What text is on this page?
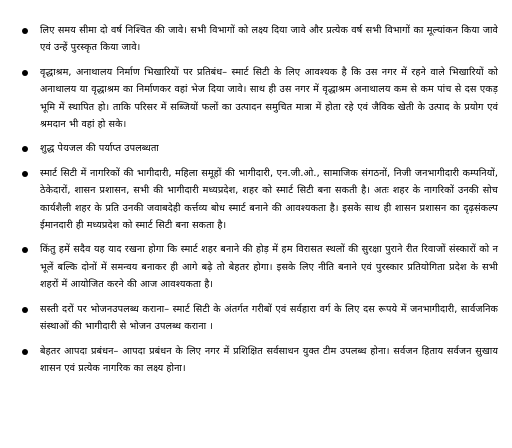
लिए समय सीमा दो वर्ष निश्चित की जावे। सभी विभागों को लक्ष्य दिया जावे और प्रत्येक वर्ष सभी विभागों का मूल्यांकन किया जावे एवं उन्हें पुरस्कृत किया जावे।
वृद्धाश्रम, अनाथालय निर्माण भिखारियों पर प्रतिबंध– स्मार्ट सिटी के लिए आवश्यक है कि उस नगर में रहने वाले भिखारियों को अनाथालय या वृद्धाश्रम का निर्माणकर वहां भेज दिया जावे। साथ ही उस नगर में वृद्धाश्रम अनाथालय कम से कम पांच से दस एकड़ भूमि में स्थापित हो। ताकि परिसर में सब्जियों फलों का उत्पादन समुचित मात्रा में होता रहे एवं जैविक खेती के उत्पाद के प्रयोग एवं श्रमदान भी वहां हो सके।
शुद्ध पेयजल की पर्याप्त उपलब्धता
स्मार्ट सिटी में नागरिकों की भागीदारी, महिला समूहों की भागीदारी, एन.जी.ओ., सामाजिक संगठनों, निजी जनभागीदारी कम्पनियों, ठेकेदारों, शासन प्रशासन, सभी की भागीदारी मध्यप्रदेश, शहर को स्मार्ट सिटी बना सकती है। अतः शहर के नागरिकों उनकी सोच कार्यशैली शहर के प्रति उनकी जवाबदेही कर्त्तव्य बोध स्मार्ट बनाने की आवश्यकता है। इसके साथ ही शासन प्रशासन का दृढ़संकल्प ईमानदारी ही मध्यप्रदेश को स्मार्ट सिटी बना सकता है।
किंतु हमें सदैव यह याद रखना होगा कि स्मार्ट शहर बनाने की होड़ में हम विरासत स्थलों की सुरक्षा पुराने रीत रिवाजों संस्कारों को न भूलें बल्कि दोनों में समन्वय बनाकर ही आगे बढ़े तो बेहतर होगा। इसके लिए नीति बनाने एवं पुरस्कार प्रतियोगिता प्रदेश के सभी शहरों में आयोजित करने की आज आवश्यकता है।
सस्ती दरों पर भोजनउपलब्ध कराना– स्मार्ट सिटी के अंतर्गत गरीबों एवं सर्वहारा वर्ग के लिए दस रूपये में जनभागीदारी, सार्वजनिक संस्थाओं की भागीदारी से भोजन उपलब्ध कराना ।
बेहतर आपदा प्रबंधन– आपदा प्रबंधन के लिए नगर में प्रशिक्षित सर्वसाधन युक्त टीम उपलब्ध होना। सर्वजन हिताय सर्वजन सुखाय शासन एवं प्रत्येक नागरिक का लक्ष्य होना।
